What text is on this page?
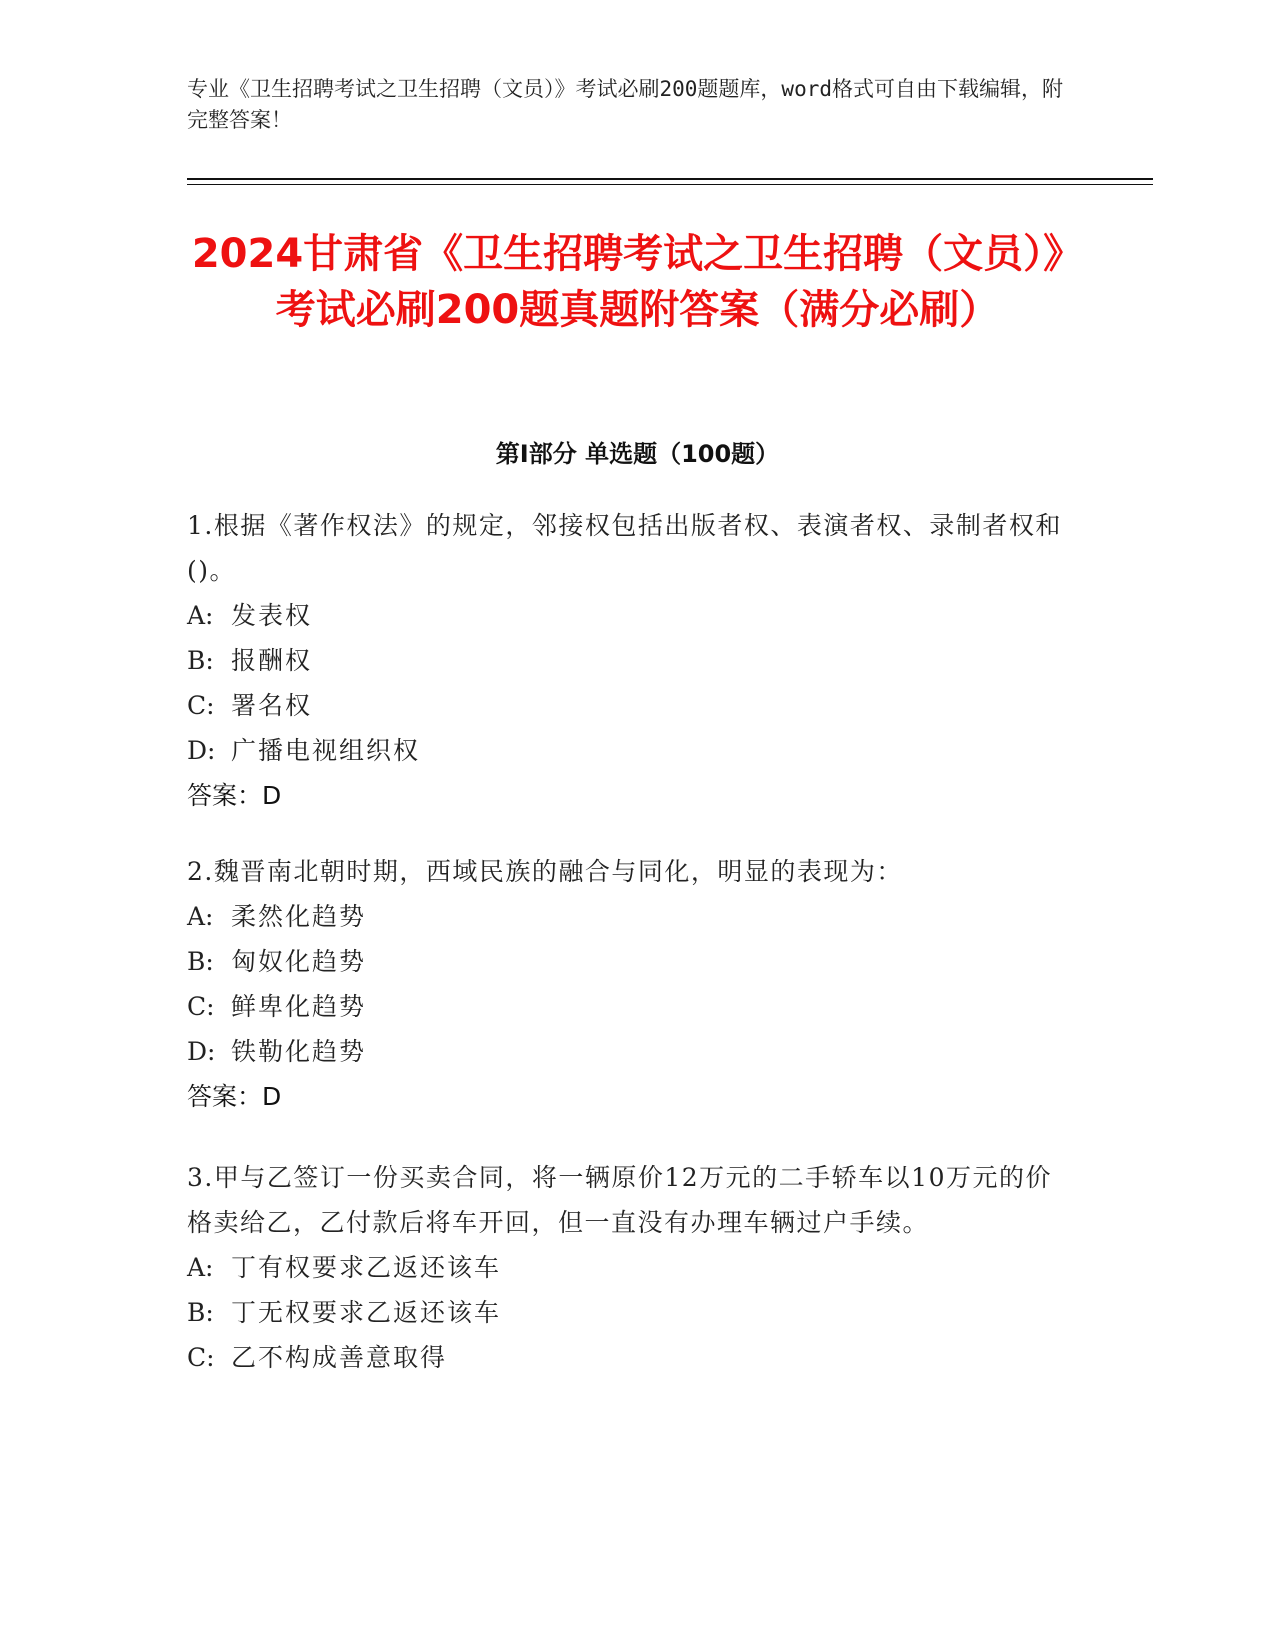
专业《卫生招聘考试之卫生招聘（文员）》考试必刷200题题库，word格式可自由下载编辑，附完整答案！
2024甘肃省《卫生招聘考试之卫生招聘（文员）》考试必刷200题真题附答案（满分必刷）
第I部分 单选题（100题）
1.根据《著作权法》的规定，邻接权包括出版者权、表演者权、录制者权和()。
A: 发表权
B: 报酬权
C: 署名权
D: 广播电视组织权
答案：D
2.魏晋南北朝时期，西域民族的融合与同化，明显的表现为：
A: 柔然化趋势
B: 匈奴化趋势
C: 鲜卑化趋势
D: 铁勒化趋势
答案：D
3.甲与乙签订一份买卖合同，将一辆原价12万元的二手轿车以10万元的价格卖给乙，乙付款后将车开回，但一直没有办理车辆过户手续。
A: 丁有权要求乙返还该车
B: 丁无权要求乙返还该车
C: 乙不构成善意取得
